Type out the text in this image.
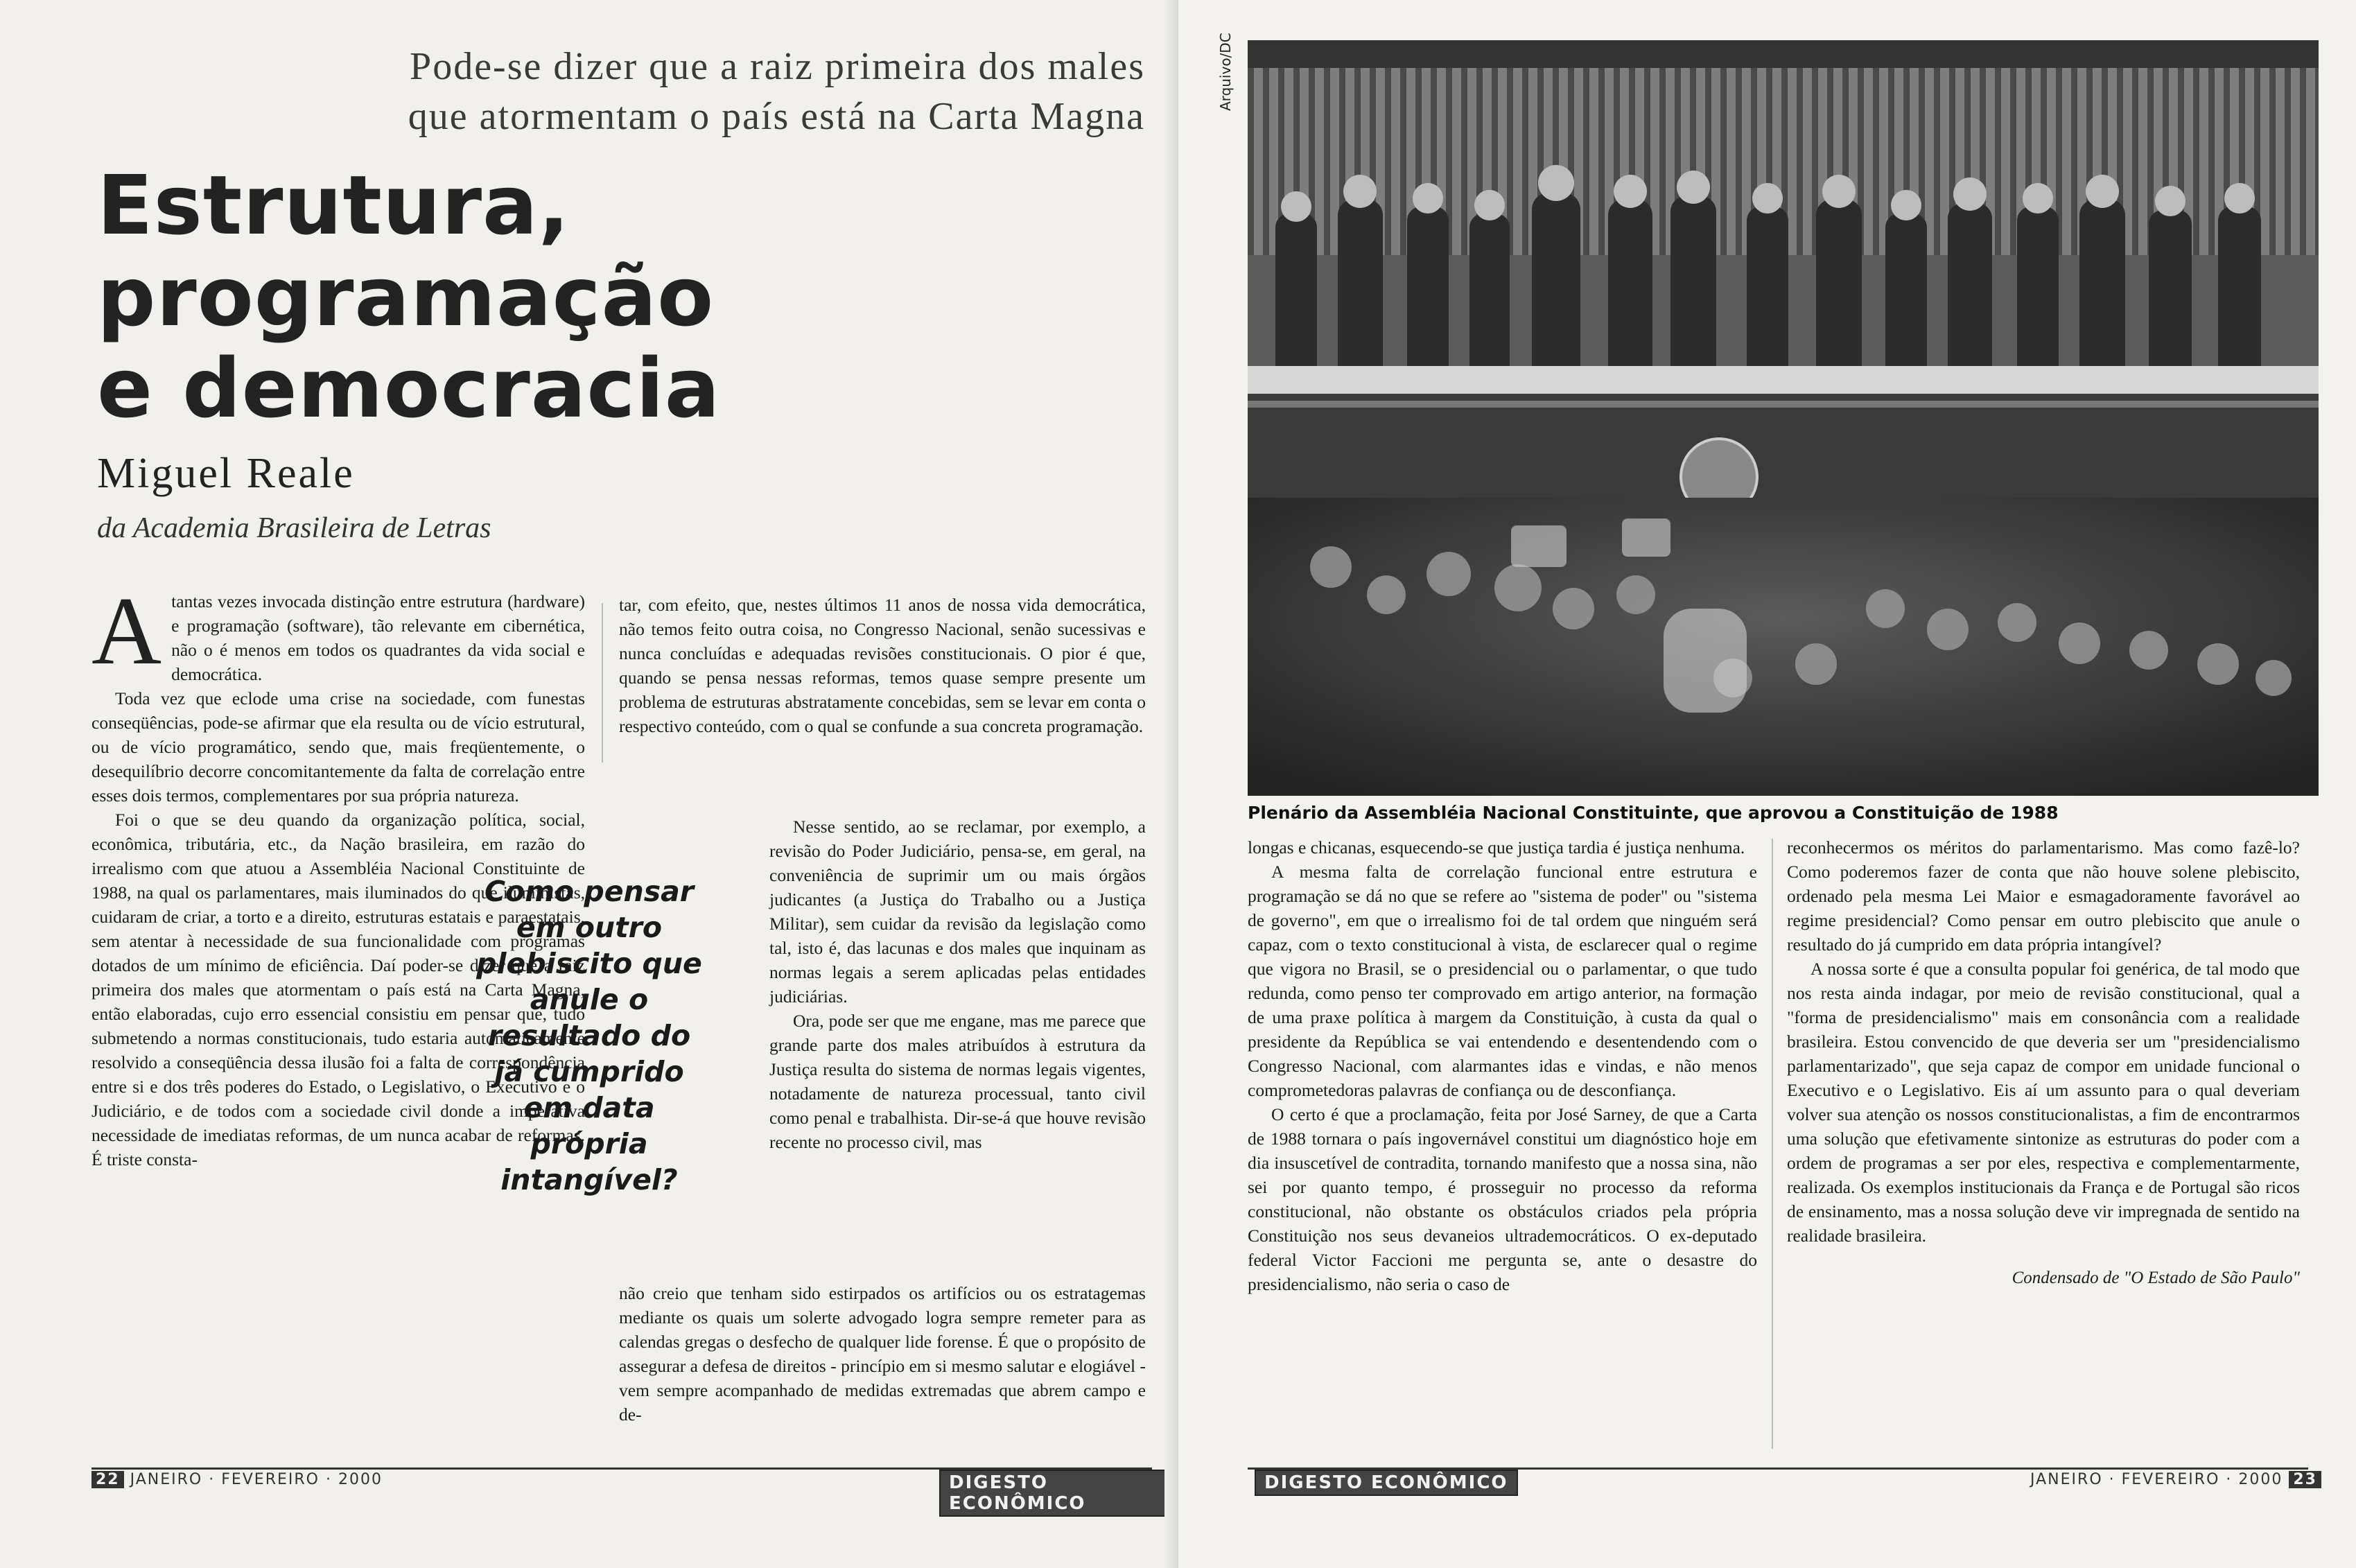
Pode-se dizer que a raiz primeira dos males que atormentam o país está na Carta Magna
Estrutura,
programação
e democracia
Miguel Reale
da Academia Brasileira de Letras
A tantas vezes invocada distinção entre estrutura (hardware) e programação (software), tão relevante em cibernética, não o é menos em todos os quadrantes da vida social e democrática.

Toda vez que eclode uma crise na sociedade, com funestas conseqüências, pode-se afirmar que ela resulta ou de vício estrutural, ou de vício programático, sendo que, mais freqüentemente, o desequilíbrio decorre concomitantemente da falta de correlação entre esses dois termos, complementares por sua própria natureza.

Foi o que se deu quando da organização política, social, econômica, tributária, etc., da Nação brasileira, em razão do irrealismo com que atuou a Assembléia Nacional Constituinte de 1988, na qual os parlamentares, mais iluminados do que iluministas, cuidaram de criar, a torto e a direito, estruturas estatais e paraestatais, sem atentar à necessidade de sua funcionalidade com programas dotados de um mínimo de eficiência. Daí poder-se dizer que a raiz primeira dos males que atormentam o país está na Carta Magna, então elaboradas, cujo erro essencial consistiu em pensar que, tudo submetendo a normas constitucionais, tudo estaria automaticamente resolvido a conseqüência dessa ilusão foi a falta de correspondência entre si e dos três poderes do Estado, o Legislativo, o Executivo e o Judiciário, e de todos com a sociedade civil donde a imperativa necessidade de imediatas reformas, de um nunca acabar de reformas. É triste consta-

tar, com efeito, que, nestes últimos 11 anos de nossa vida democrática, não temos feito outra coisa, no Congresso Nacional, senão sucessivas e nunca concluídas e adequadas revisões constitucionais. O pior é que, quando se pensa nessas reformas, temos quase sempre presente um problema de estruturas abstratamente concebidas, sem se levar em conta o respectivo conteúdo, com o qual se confunde a sua concreta programação.

Nesse sentido, ao se reclamar, por exemplo, a revisão do Poder Judiciário, pensa-se, em geral, na conveniência de suprimir um ou mais órgãos judicantes (a Justiça do Trabalho ou a Justiça Militar), sem cuidar da revisão da legislação como tal, isto é, das lacunas e dos males que inquinam as normas legais a serem aplicadas pelas entidades judiciárias.

Ora, pode ser que me engane, mas me parece que grande parte dos males atribuídos à estrutura da Justiça resulta do sistema de normas legais vigentes, notadamente de natureza processual, tanto civil como penal e trabalhista. Dir-se-á que houve revisão recente no processo civil, mas

não creio que tenham sido estirpados os artifícios ou os estratagemas mediante os quais um solerte advogado logra sempre remeter para as calendas gregas o desfecho de qualquer lide forense. É que o propósito de assegurar a defesa de direitos - princípio em si mesmo salutar e elogiável - vem sempre acompanhado de medidas extremadas que abrem campo e de-

Como pensar em outro plebiscito que anule o resultado do já cumprido em data própria intangível?
22 JANEIRO · FEVEREIRO · 2000	DIGESTO ECONÔMICO
Arquivo/DC
Plenário da Assembléia Nacional Constituinte, que aprovou a Constituição de 1988

longas e chicanas, esquecendo-se que justiça tardia é justiça nenhuma.

A mesma falta de correlação funcional entre estrutura e programação se dá no que se refere ao "sistema de poder" ou "sistema de governo", em que o irrealismo foi de tal ordem que ninguém será capaz, com o texto constitucional à vista, de esclarecer qual o regime que vigora no Brasil, se o presidencial ou o parlamentar, o que tudo redunda, como penso ter comprovado em artigo anterior, na formação de uma praxe política à margem da Constituição, à custa da qual o presidente da República se vai entendendo e desentendendo com o Congresso Nacional, com alarmantes idas e vindas, e não menos comprometedoras palavras de confiança ou de desconfiança.

O certo é que a proclamação, feita por José Sarney, de que a Carta de 1988 tornara o país ingovernável constitui um diagnóstico hoje em dia insuscetível de contradita, tornando manifesto que a nossa sina, não sei por quanto tempo, é prosseguir no processo da reforma constitucional, não obstante os obstáculos criados pela própria Constituição nos seus devaneios ultrademocráticos. O ex-deputado federal Victor Faccioni me pergunta se, ante o desastre do presidencialismo, não seria o caso de

reconhecermos os méritos do parlamentarismo. Mas como fazê-lo? Como poderemos fazer de conta que não houve solene plebiscito, ordenado pela mesma Lei Maior e esmagadoramente favorável ao regime presidencial? Como pensar em outro plebiscito que anule o resultado do já cumprido em data própria intangível?

A nossa sorte é que a consulta popular foi genérica, de tal modo que nos resta ainda indagar, por meio de revisão constitucional, qual a "forma de presidencialismo" mais em consonância com a realidade brasileira. Estou convencido de que deveria ser um "presidencialismo parlamentarizado", que seja capaz de compor em unidade funcional o Executivo e o Legislativo. Eis aí um assunto para o qual deveriam volver sua atenção os nossos constitucionalistas, a fim de encontrarmos uma solução que efetivamente sintonize as estruturas do poder com a ordem de programas a ser por eles, respectiva e complementarmente, realizada. Os exemplos institucionais da França e de Portugal são ricos de ensinamento, mas a nossa solução deve vir impregnada de sentido na realidade brasileira.

Condensado de "O Estado de São Paulo"

DIGESTO ECONÔMICO	JANEIRO · FEVEREIRO · 2000 23
